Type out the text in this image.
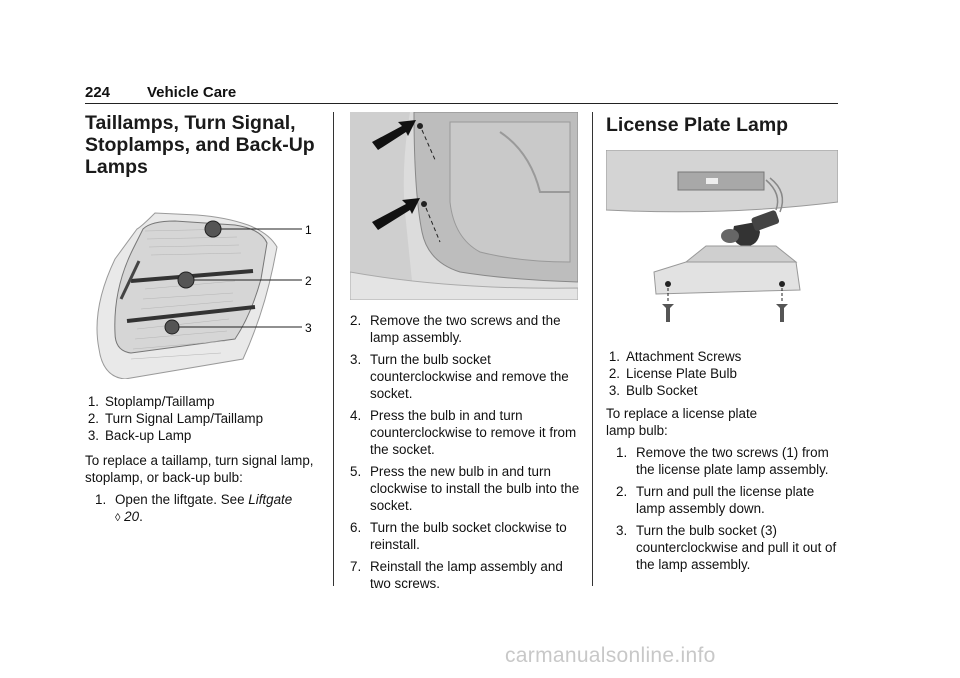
224 Vehicle Care
Taillamps, Turn Signal,
Stoplamps, and Back-Up
Lamps
1
2
3
1. Stoplamp/Taillamp
2. Turn Signal Lamp/Taillamp
3. Back-up Lamp

To replace a taillamp, turn signal lamp, stoplamp, or back-up bulb:

1. Open the liftgate. See Liftgate
◊ 20.
2. Remove the two screws and the lamp assembly.
3. Turn the bulb socket counterclockwise and remove the socket.
4. Press the bulb in and turn counterclockwise to remove it from the socket.
5. Press the new bulb in and turn clockwise to install the bulb into the socket.
6. Turn the bulb socket clockwise to reinstall.
7. Reinstall the lamp assembly and two screws.
License Plate Lamp
1. Attachment Screws
2. License Plate Bulb
3. Bulb Socket

To replace a license plate lamp bulb:

1. Remove the two screws (1) from the license plate lamp assembly.
2. Turn and pull the license plate lamp assembly down.
3. Turn the bulb socket (3) counterclockwise and pull it out of the lamp assembly.
carmanualsonline.info
